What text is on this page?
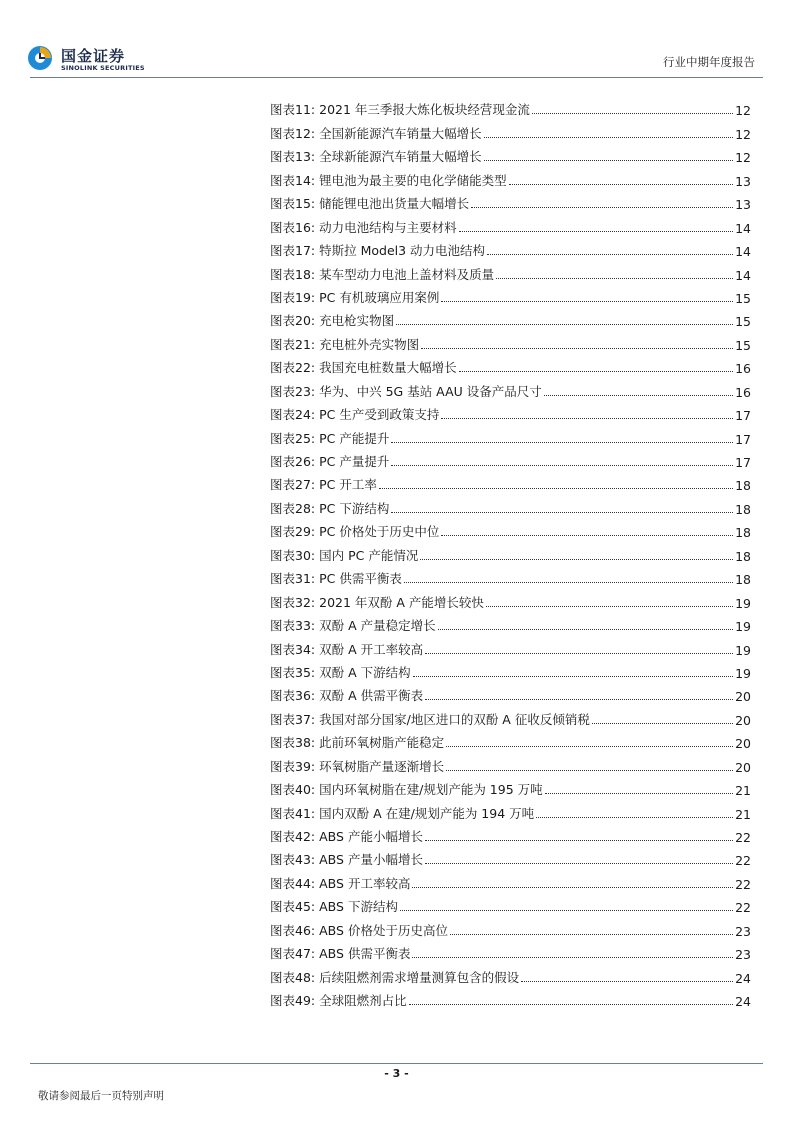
国金证券
SINOLINK SECURITIES	行业中期年度报告
图表11: 2021 年三季报大炼化板块经营现金流	12
图表12: 全国新能源汽车销量大幅增长	12
图表13: 全球新能源汽车销量大幅增长	12
图表14: 锂电池为最主要的电化学储能类型	13
图表15: 储能锂电池出货量大幅增长	13
图表16: 动力电池结构与主要材料	14
图表17: 特斯拉 Model3 动力电池结构	14
图表18: 某车型动力电池上盖材料及质量	14
图表19: PC 有机玻璃应用案例	15
图表20: 充电枪实物图	15
图表21: 充电桩外壳实物图	15
图表22: 我国充电桩数量大幅增长	16
图表23: 华为、中兴 5G 基站 AAU 设备产品尺寸	16
图表24: PC 生产受到政策支持	17
图表25: PC 产能提升	17
图表26: PC 产量提升	17
图表27: PC 开工率	18
图表28: PC 下游结构	18
图表29: PC 价格处于历史中位	18
图表30: 国内 PC 产能情况	18
图表31: PC 供需平衡表	18
图表32: 2021 年双酚 A 产能增长较快	19
图表33: 双酚 A 产量稳定增长	19
图表34: 双酚 A 开工率较高	19
图表35: 双酚 A 下游结构	19
图表36: 双酚 A 供需平衡表	20
图表37: 我国对部分国家/地区进口的双酚 A 征收反倾销税	20
图表38: 此前环氧树脂产能稳定	20
图表39: 环氧树脂产量逐渐增长	20
图表40: 国内环氧树脂在建/规划产能为 195 万吨	21
图表41: 国内双酚 A 在建/规划产能为 194 万吨	21
图表42: ABS 产能小幅增长	22
图表43: ABS 产量小幅增长	22
图表44: ABS 开工率较高	22
图表45: ABS 下游结构	22
图表46: ABS 价格处于历史高位	23
图表47: ABS 供需平衡表	23
图表48: 后续阻燃剂需求增量测算包含的假设	24
图表49: 全球阻燃剂占比	24
- 3 -
敬请参阅最后一页特别声明
